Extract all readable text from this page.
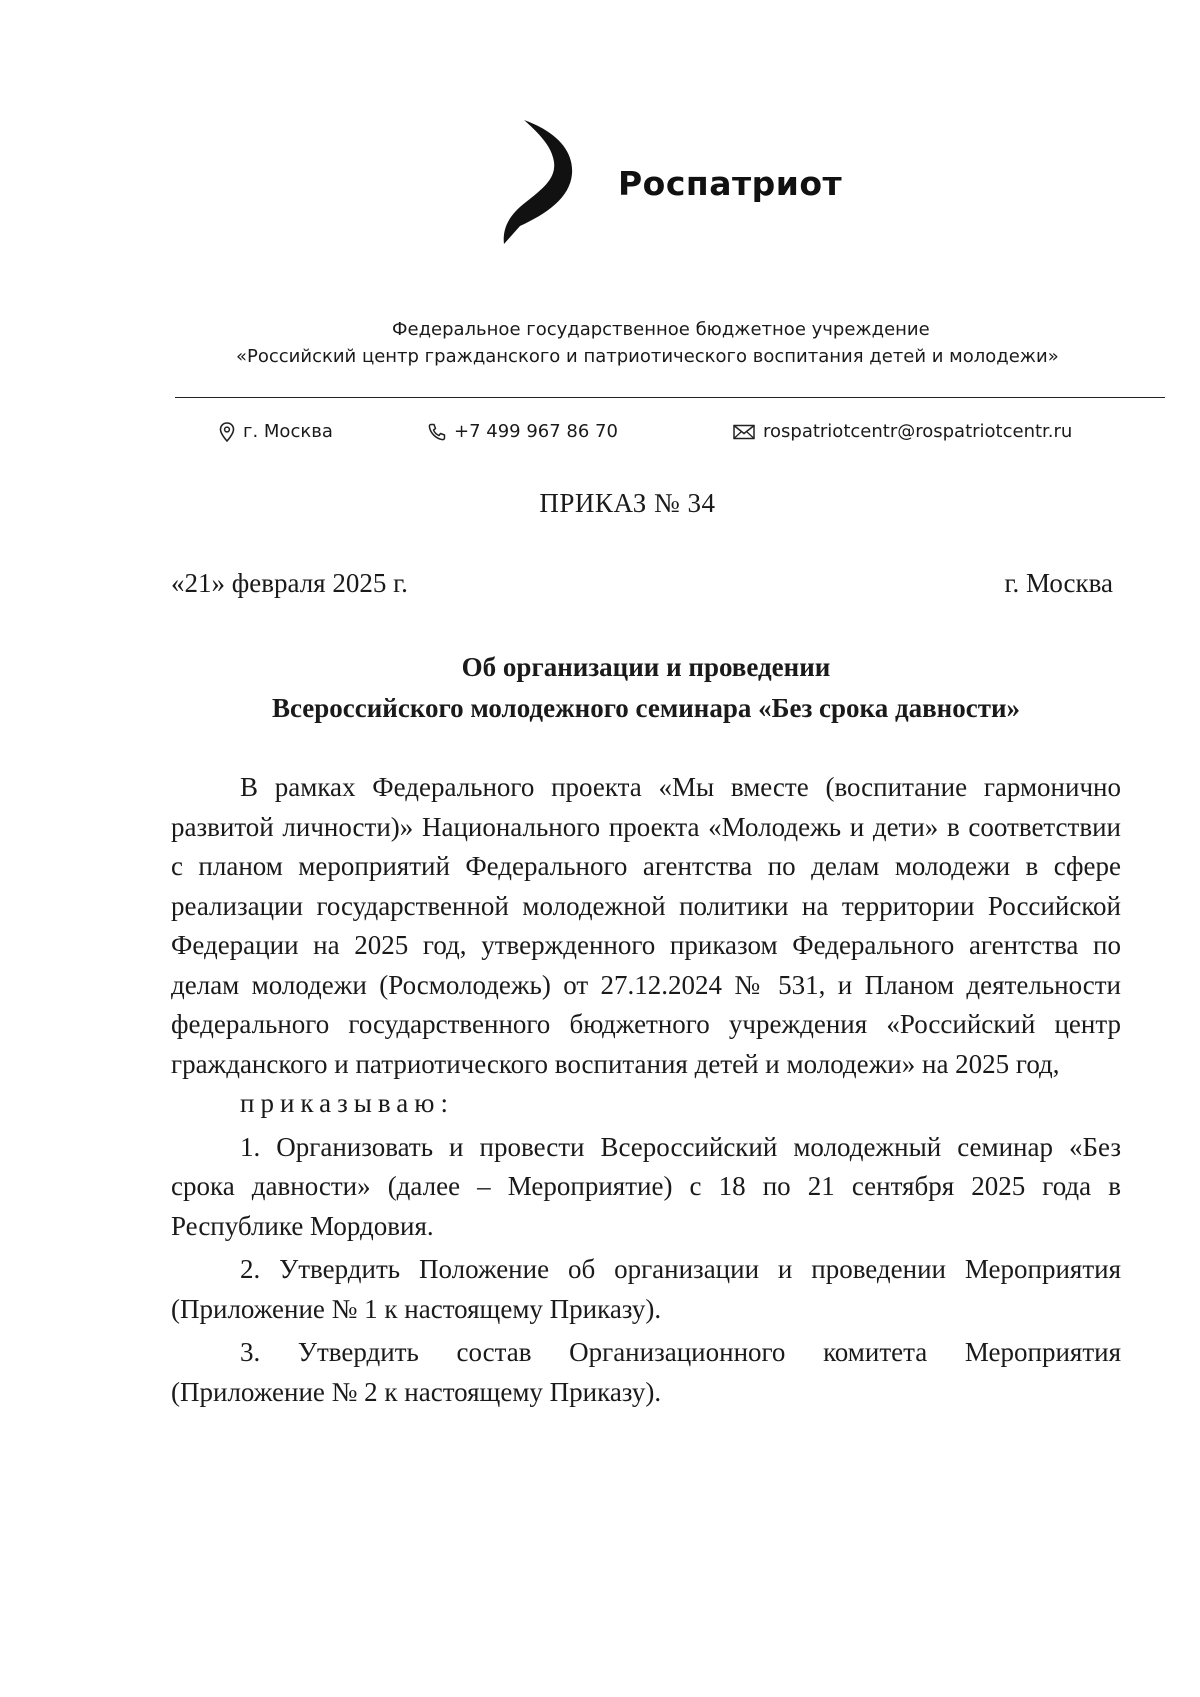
Роспатриот
Федеральное государственное бюджетное учреждение
«Российский центр гражданского и патриотического воспитания детей и молодежи»
г. Москва	+7 499 967 86 70	rospatriotcentr@rospatriotcentr.ru
ПРИКАЗ № 34
«21» февраля 2025 г.	г. Москва
Об организации и проведении
Всероссийского молодежного семинара «Без срока давности»

В рамках Федерального проекта «Мы вместе (воспитание гармонично развитой личности)» Национального проекта «Молодежь и дети» в соответствии с планом мероприятий Федерального агентства по делам молодежи в сфере реализации государственной молодежной политики на территории Российской Федерации на 2025 год, утвержденного приказом Федерального агентства по делам молодежи (Росмолодежь) от 27.12.2024 № 531, и Планом деятельности федерального государственного бюджетного учреждения «Российский центр гражданского и патриотического воспитания детей и молодежи» на 2025 год,

приказываю:

1. Организовать и провести Всероссийский молодежный семинар «Без срока давности» (далее – Мероприятие) с 18 по 21 сентября 2025 года в Республике Мордовия.

2. Утвердить Положение об организации и проведении Мероприятия (Приложение № 1 к настоящему Приказу).

3. Утвердить состав Организационного комитета Мероприятия (Приложение № 2 к настоящему Приказу).
